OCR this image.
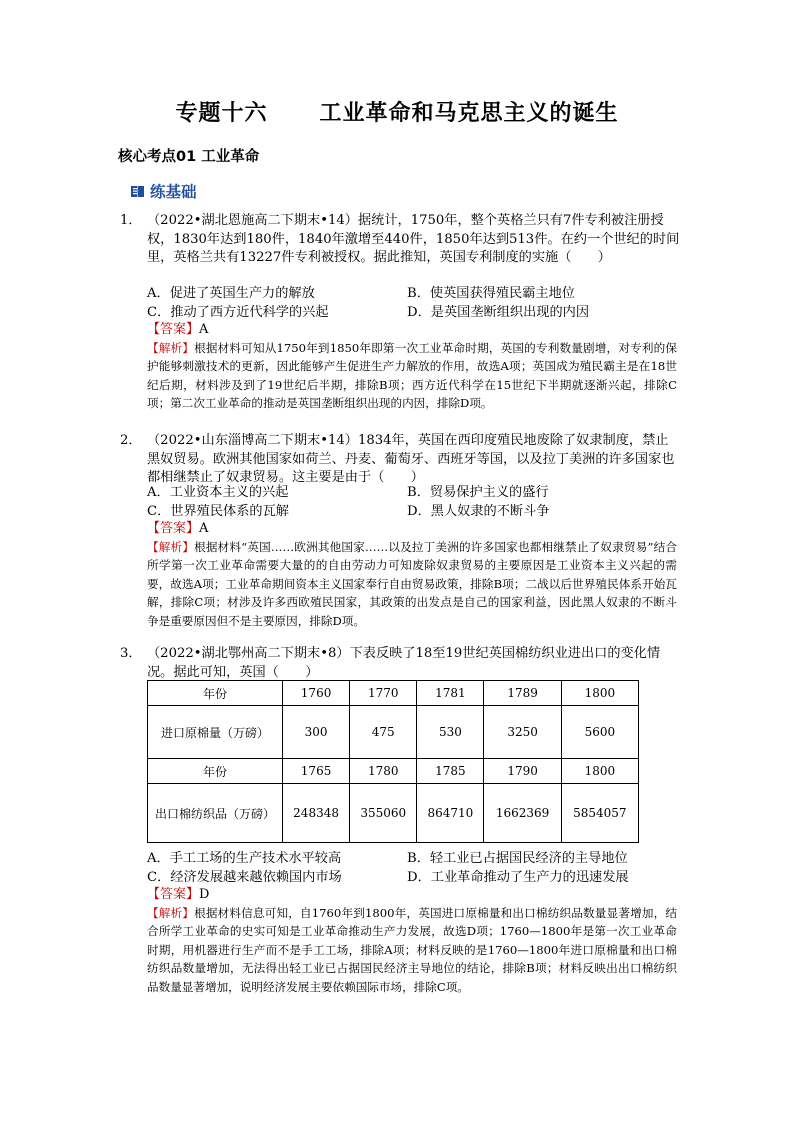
专题十六      工业革命和马克思主义的诞生
核心考点01 工业革命
练基础
1． （2022•湖北恩施高二下期末•14）据统计，1750年，整个英格兰只有7件专利被注册授权，1830年达到180件，1840年激增至440件，1850年达到513件。在约一个世纪的时间里，英格兰共有13227件专利被授权。据此推知，英国专利制度的实施（　　）
A．促进了英国生产力的解放	B．使英国获得殖民霸主地位
C．推动了西方近代科学的兴起	D．是英国垄断组织出现的内因
【答案】A
【解析】根据材料可知从1750年到1850年即第一次工业革命时期，英国的专利数量剧增，对专利的保护能够刺激技术的更新，因此能够产生促进生产力解放的作用，故选A项；英国成为殖民霸主是在18世纪后期，材料涉及到了19世纪后半期，排除B项；西方近代科学在15世纪下半期就逐渐兴起，排除C项；第二次工业革命的推动是英国垄断组织出现的内因，排除D项。
2． （2022•山东淄博高二下期末•14）1834年，英国在西印度殖民地废除了奴隶制度，禁止黑奴贸易。欧洲其他国家如荷兰、丹麦、葡萄牙、西班牙等国，以及拉丁美洲的许多国家也都相继禁止了奴隶贸易。这主要是由于（　　）
A．工业资本主义的兴起	B．贸易保护主义的盛行
C．世界殖民体系的瓦解	D．黑人奴隶的不断斗争
【答案】A
【解析】根据材料“英国……欧洲其他国家……以及拉丁美洲的许多国家也都相继禁止了奴隶贸易”结合所学第一次工业革命需要大量的的自由劳动力可知废除奴隶贸易的主要原因是工业资本主义兴起的需要，故选A项；工业革命期间资本主义国家奉行自由贸易政策，排除B项；二战以后世界殖民体系开始瓦解，排除C项；材涉及许多西欧殖民国家，其政策的出发点是自己的国家利益，因此黑人奴隶的不断斗争是重要原因但不是主要原因，排除D项。
3． （2022•湖北鄂州高二下期末•8）下表反映了18至19世纪英国棉纺织业进出口的变化情况。据此可知，英国（　　）
年份	1760	1770	1781	1789	1800
进口原棉量（万磅）	300	475	530	3250	5600
年份	1765	1780	1785	1790	1800
出口棉纺织品（万磅）	248348	355060	864710	1662369	5854057
A．手工工场的生产技术水平较高	B．轻工业已占据国民经济的主导地位
C．经济发展越来越依赖国内市场	D．工业革命推动了生产力的迅速发展
【答案】D
【解析】根据材料信息可知，自1760年到1800年，英国进口原棉量和出口棉纺织品数量显著增加，结合所学工业革命的史实可知是工业革命推动生产力发展，故选D项；1760—1800年是第一次工业革命时期，用机器进行生产而不是手工工场，排除A项；材料反映的是1760—1800年进口原棉量和出口棉纺织品数量增加，无法得出轻工业已占据国民经济主导地位的结论，排除B项；材料反映出出口棉纺织品数量显著增加，说明经济发展主要依赖国际市场，排除C项。
